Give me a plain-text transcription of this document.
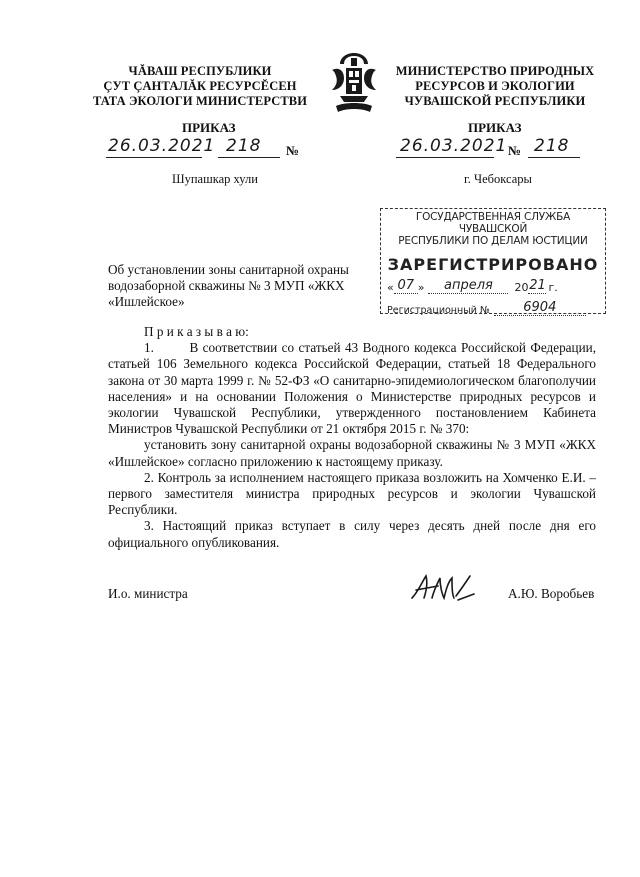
ЧĂВАШ РЕСПУБЛИКИ
ÇУТ ÇАНТАЛĂК РЕСУРСĔСЕН
ТАТА ЭКОЛОГИ МИНИСТЕРСТВИ
МИНИСТЕРСТВО ПРИРОДНЫХ
РЕСУРСОВ И ЭКОЛОГИИ
ЧУВАШСКОЙ РЕСПУБЛИКИ
ПРИКАЗ	ПРИКАЗ
26.03.2021 218 №	26.03.2021 № 218
Шупашкар хули	г. Чебоксары
ГОСУДАРСТВЕННАЯ СЛУЖБА ЧУВАШСКОЙ
РЕСПУБЛИКИ ПО ДЕЛАМ ЮСТИЦИИ
ЗАРЕГИСТРИРОВАНО
« 07 »	апреля	20 21 г.
Регистрационный №	6904
Об установлении зоны санитарной охраны
водозаборной скважины № 3 МУП «ЖКХ
«Ишлейское»

П р и к а з ы в а ю:

1.        В соответствии со статьей 43 Водного кодекса Российской Федерации, статьей 106 Земельного кодекса Российской Федерации, статьей 18 Федерального закона от 30 марта 1999 г. № 52-ФЗ «О санитарно-эпидемиологическом благополучии населения» и на основании Положения о Министерстве природных ресурсов и экологии Чувашской Республики, утвержденного постановлением Кабинета Министров Чувашской Республики от 21 октября 2015 г. № 370:

установить зону санитарной охраны водозаборной скважины № 3 МУП «ЖКХ «Ишлейское» согласно приложению к настоящему приказу.

2. Контроль за исполнением настоящего приказа возложить на Хомченко Е.И. – первого заместителя министра природных ресурсов и экологии Чувашской Республики.

3. Настоящий приказ вступает в силу через десять дней после дня его официального опубликования.

И.о. министра	А.Ю. Воробьев
